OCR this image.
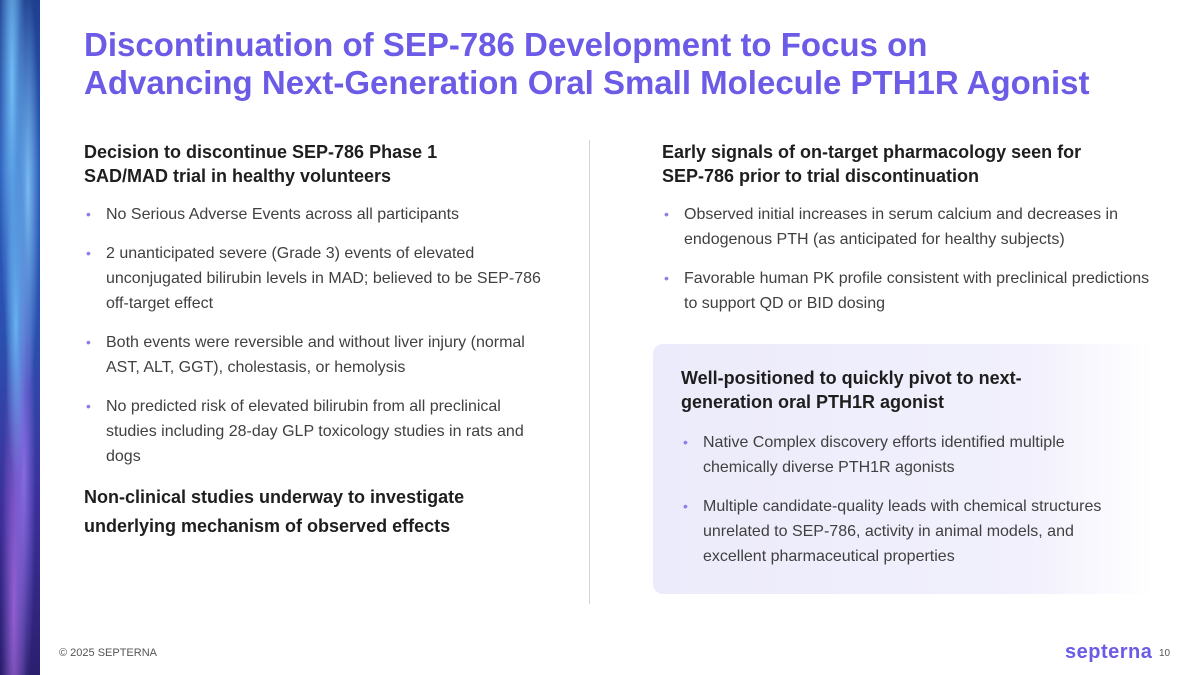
Discontinuation of SEP-786 Development to Focus on
Advancing Next-Generation Oral Small Molecule PTH1R Agonist
Decision to discontinue SEP-786 Phase 1
SAD/MAD trial in healthy volunteers
• No Serious Adverse Events across all participants
• 2 unanticipated severe (Grade 3) events of elevated unconjugated bilirubin levels in MAD; believed to be SEP-786 off-target effect
• Both events were reversible and without liver injury (normal AST, ALT, GGT), cholestasis, or hemolysis
• No predicted risk of elevated bilirubin from all preclinical studies including 28-day GLP toxicology studies in rats and dogs
Non-clinical studies underway to investigate
underlying mechanism of observed effects
Early signals of on-target pharmacology seen for
SEP-786 prior to trial discontinuation
• Observed initial increases in serum calcium and decreases in endogenous PTH (as anticipated for healthy subjects)
• Favorable human PK profile consistent with preclinical predictions to support QD or BID dosing
Well-positioned to quickly pivot to next-
generation oral PTH1R agonist
• Native Complex discovery efforts identified multiple chemically diverse PTH1R agonists
• Multiple candidate-quality leads with chemical structures unrelated to SEP-786, activity in animal models, and excellent pharmaceutical properties
© 2025 SEPTERNA	septerna 10
